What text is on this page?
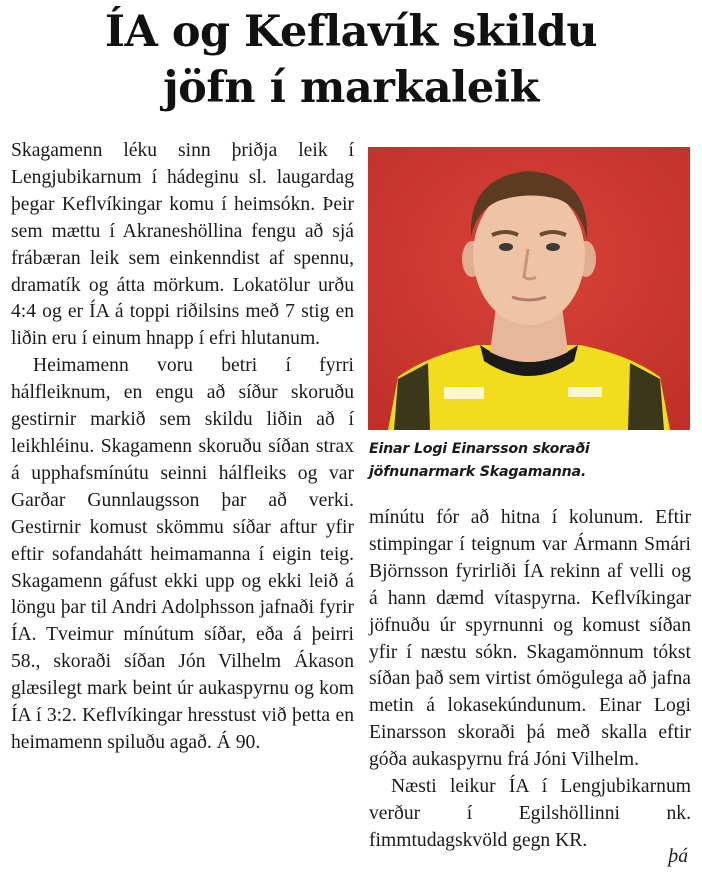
ÍA og Keflavík skildu
jöfn í markaleik

Skagamenn léku sinn þriðja leik í Lengjubikarnum í hádeginu sl. laugardag þegar Keflvíkingar komu í heimsókn. Þeir sem mættu í Akraneshöllina fengu að sjá frábæran leik sem einkenndist af spennu, dramatík og átta mörkum. Lokatölur urðu 4:4 og er ÍA á toppi riðilsins með 7 stig en liðin eru í einum hnapp í efri hlutanum.

Heimamenn voru betri í fyrri hálfleiknum, en engu að síður skoruðu gestirnir markið sem skildu liðin að í leikhléinu. Skagamenn skoruðu síðan strax á upphafsmínútu seinni hálfleiks og var Garðar Gunnlaugsson þar að verki. Gestirnir komust skömmu síðar aftur yfir eftir sofandahátt heimamanna í eigin teig. Skagamenn gáfust ekki upp og ekki leið á löngu þar til Andri Adolphsson jafnaði fyrir ÍA. Tveimur mínútum síðar, eða á þeirri 58., skoraði síðan Jón Vilhelm Ákason glæsilegt mark beint úr aukaspyrnu og kom ÍA í 3:2. Keflvíkingar hresstust við þetta en heimamenn spiluðu agað. Á 90.

Einar Logi Einarsson skoraði jöfnunarmark Skagamanna.

mínútu fór að hitna í kolunum. Eftir stimpingar í teignum var Ármann Smári Björnsson fyrirliði ÍA rekinn af velli og á hann dæmd vítaspyrna. Keflvíkingar jöfnuðu úr spyrnunni og komust síðan yfir í næstu sókn. Skagamönnum tókst síðan það sem virtist ómögulega að jafna metin á lokasekúndunum. Einar Logi Einarsson skoraði þá með skalla eftir góða aukaspyrnu frá Jóni Vilhelm.

Næsti leikur ÍA í Lengjubikarnum verður í Egilshöllinni nk. fimmtudagskvöld gegn KR.

þá
